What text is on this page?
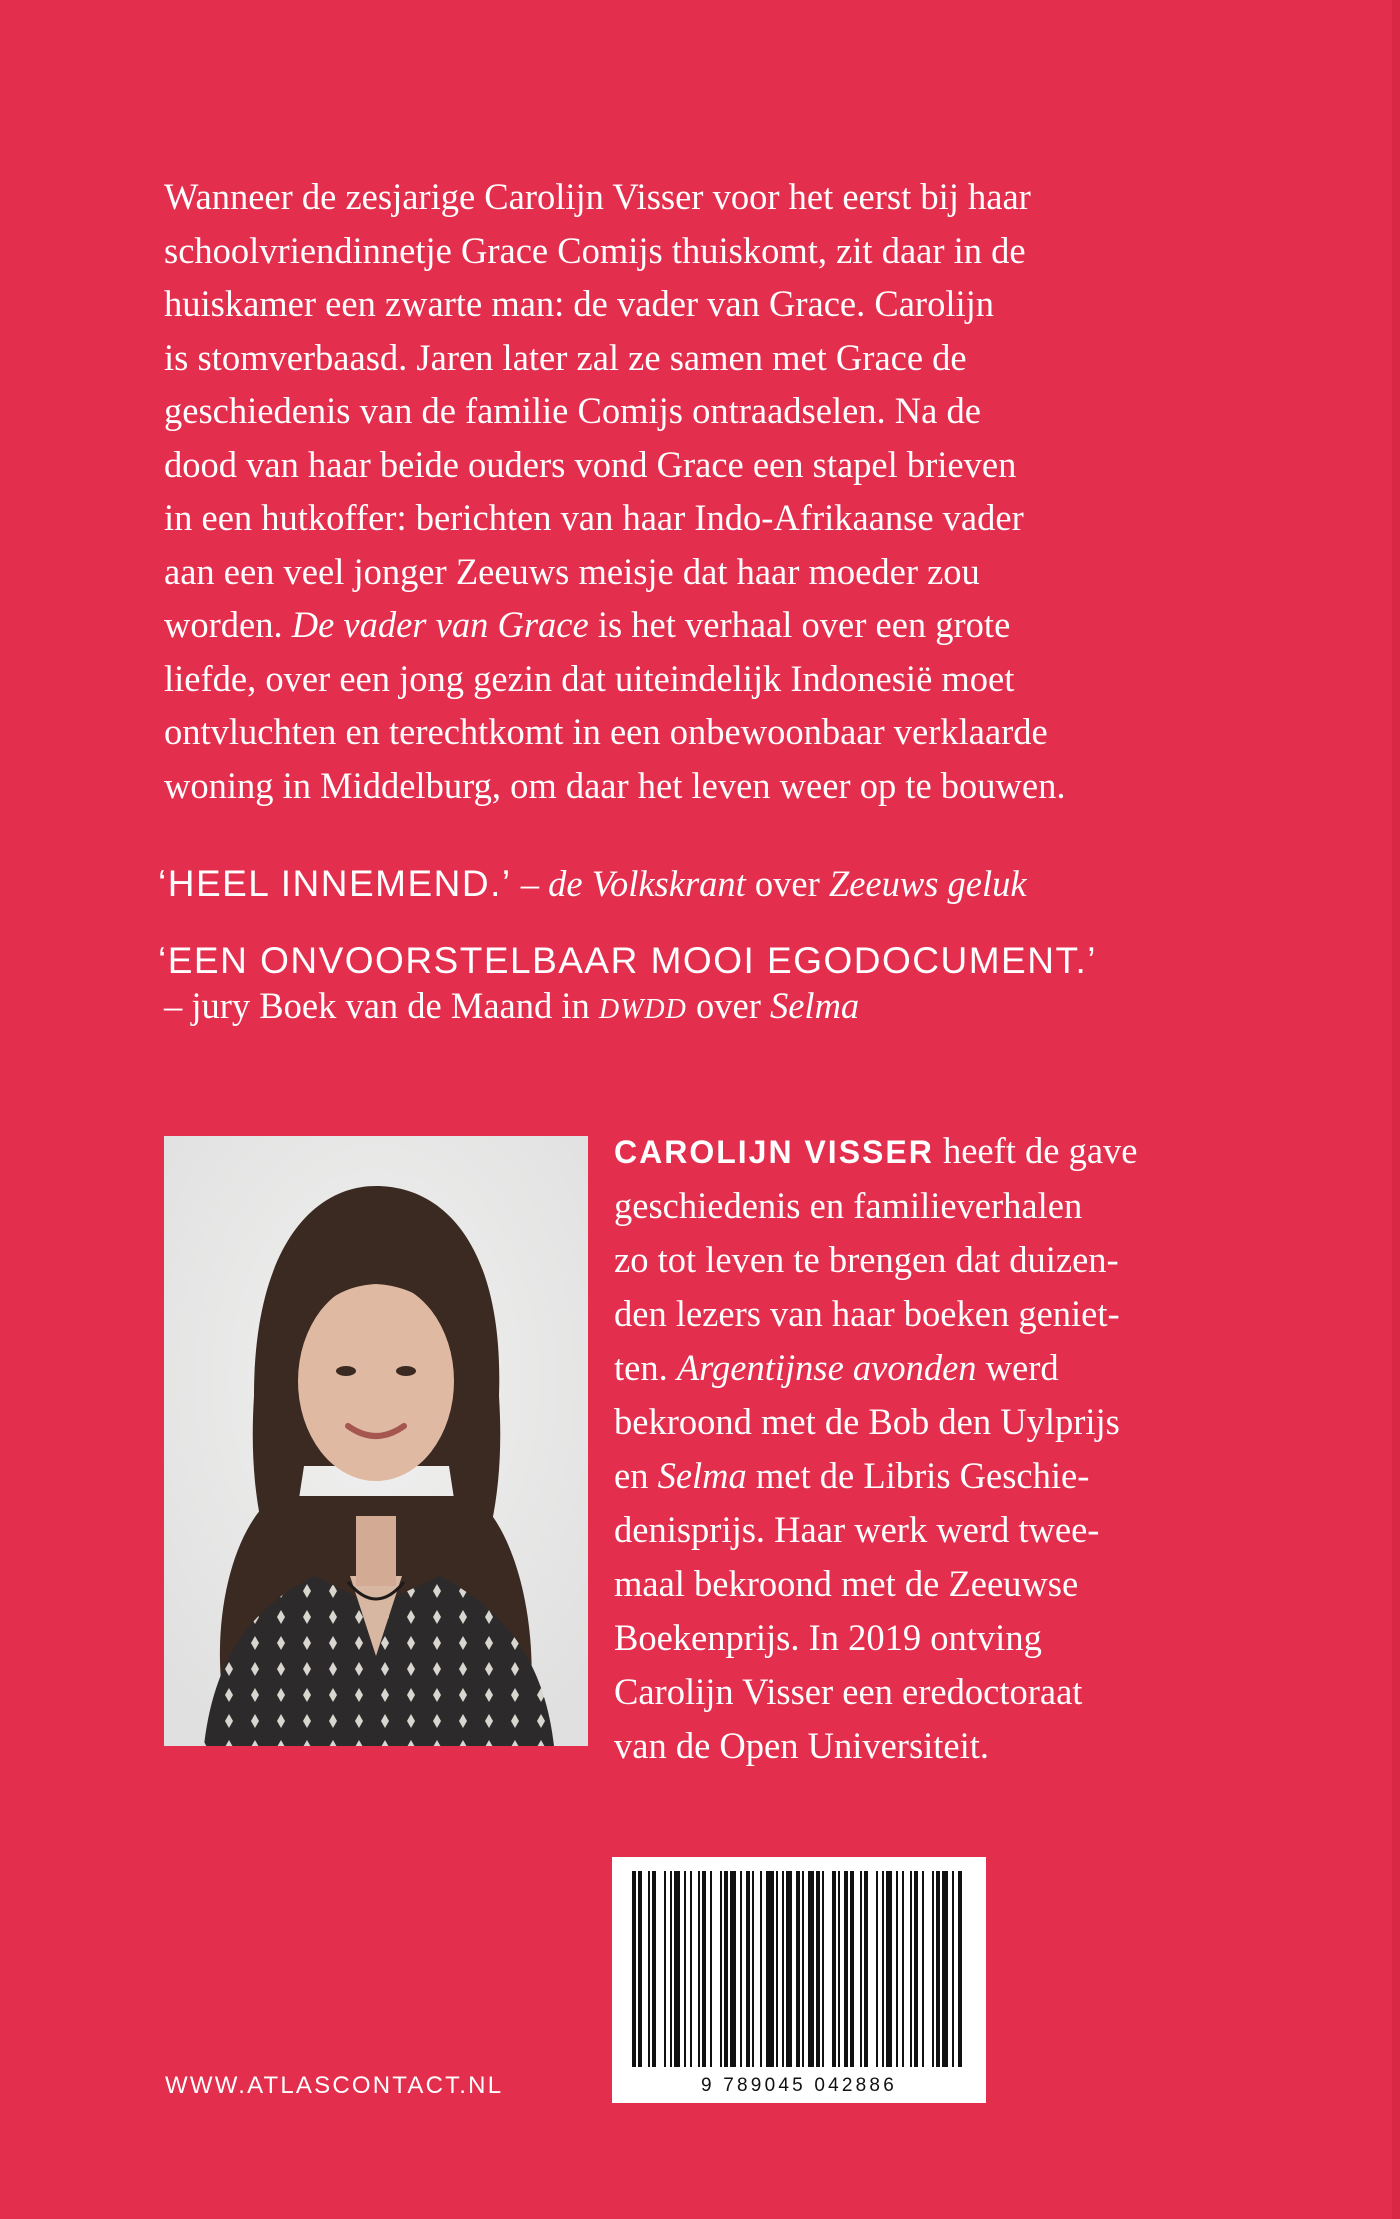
Wanneer de zesjarige Carolijn Visser voor het eerst bij haar
schoolvriendinnetje Grace Comijs thuiskomt, zit daar in de
huiskamer een zwarte man: de vader van Grace. Carolijn
is stomverbaasd. Jaren later zal ze samen met Grace de
geschiedenis van de familie Comijs ontraadselen. Na de
dood van haar beide ouders vond Grace een stapel brieven
in een hutkoffer: berichten van haar Indo-Afrikaanse vader
aan een veel jonger Zeeuws meisje dat haar moeder zou
worden. De vader van Grace is het verhaal over een grote
liefde, over een jong gezin dat uiteindelijk Indonesië moet
ontvluchten en terechtkomt in een onbewoonbaar verklaarde
woning in Middelburg, om daar het leven weer op te bouwen.
‘HEEL INNEMEND.’ – de Volkskrant over Zeeuws geluk
‘EEN ONVOORSTELBAAR MOOI EGODOCUMENT.’
– jury Boek van de Maand in DWDD over Selma
CAROLIJN VISSER heeft de gave
geschiedenis en familieverhalen
zo tot leven te brengen dat duizen-
den lezers van haar boeken geniet-
ten. Argentijnse avonden werd
bekroond met de Bob den Uylprijs
en Selma met de Libris Geschie-
denisprijs. Haar werk werd twee-
maal bekroond met de Zeeuwse
Boekenprijs. In 2019 ontving
Carolijn Visser een eredoctoraat
van de Open Universiteit.
9 789045 042886
WWW.ATLASCONTACT.NL
